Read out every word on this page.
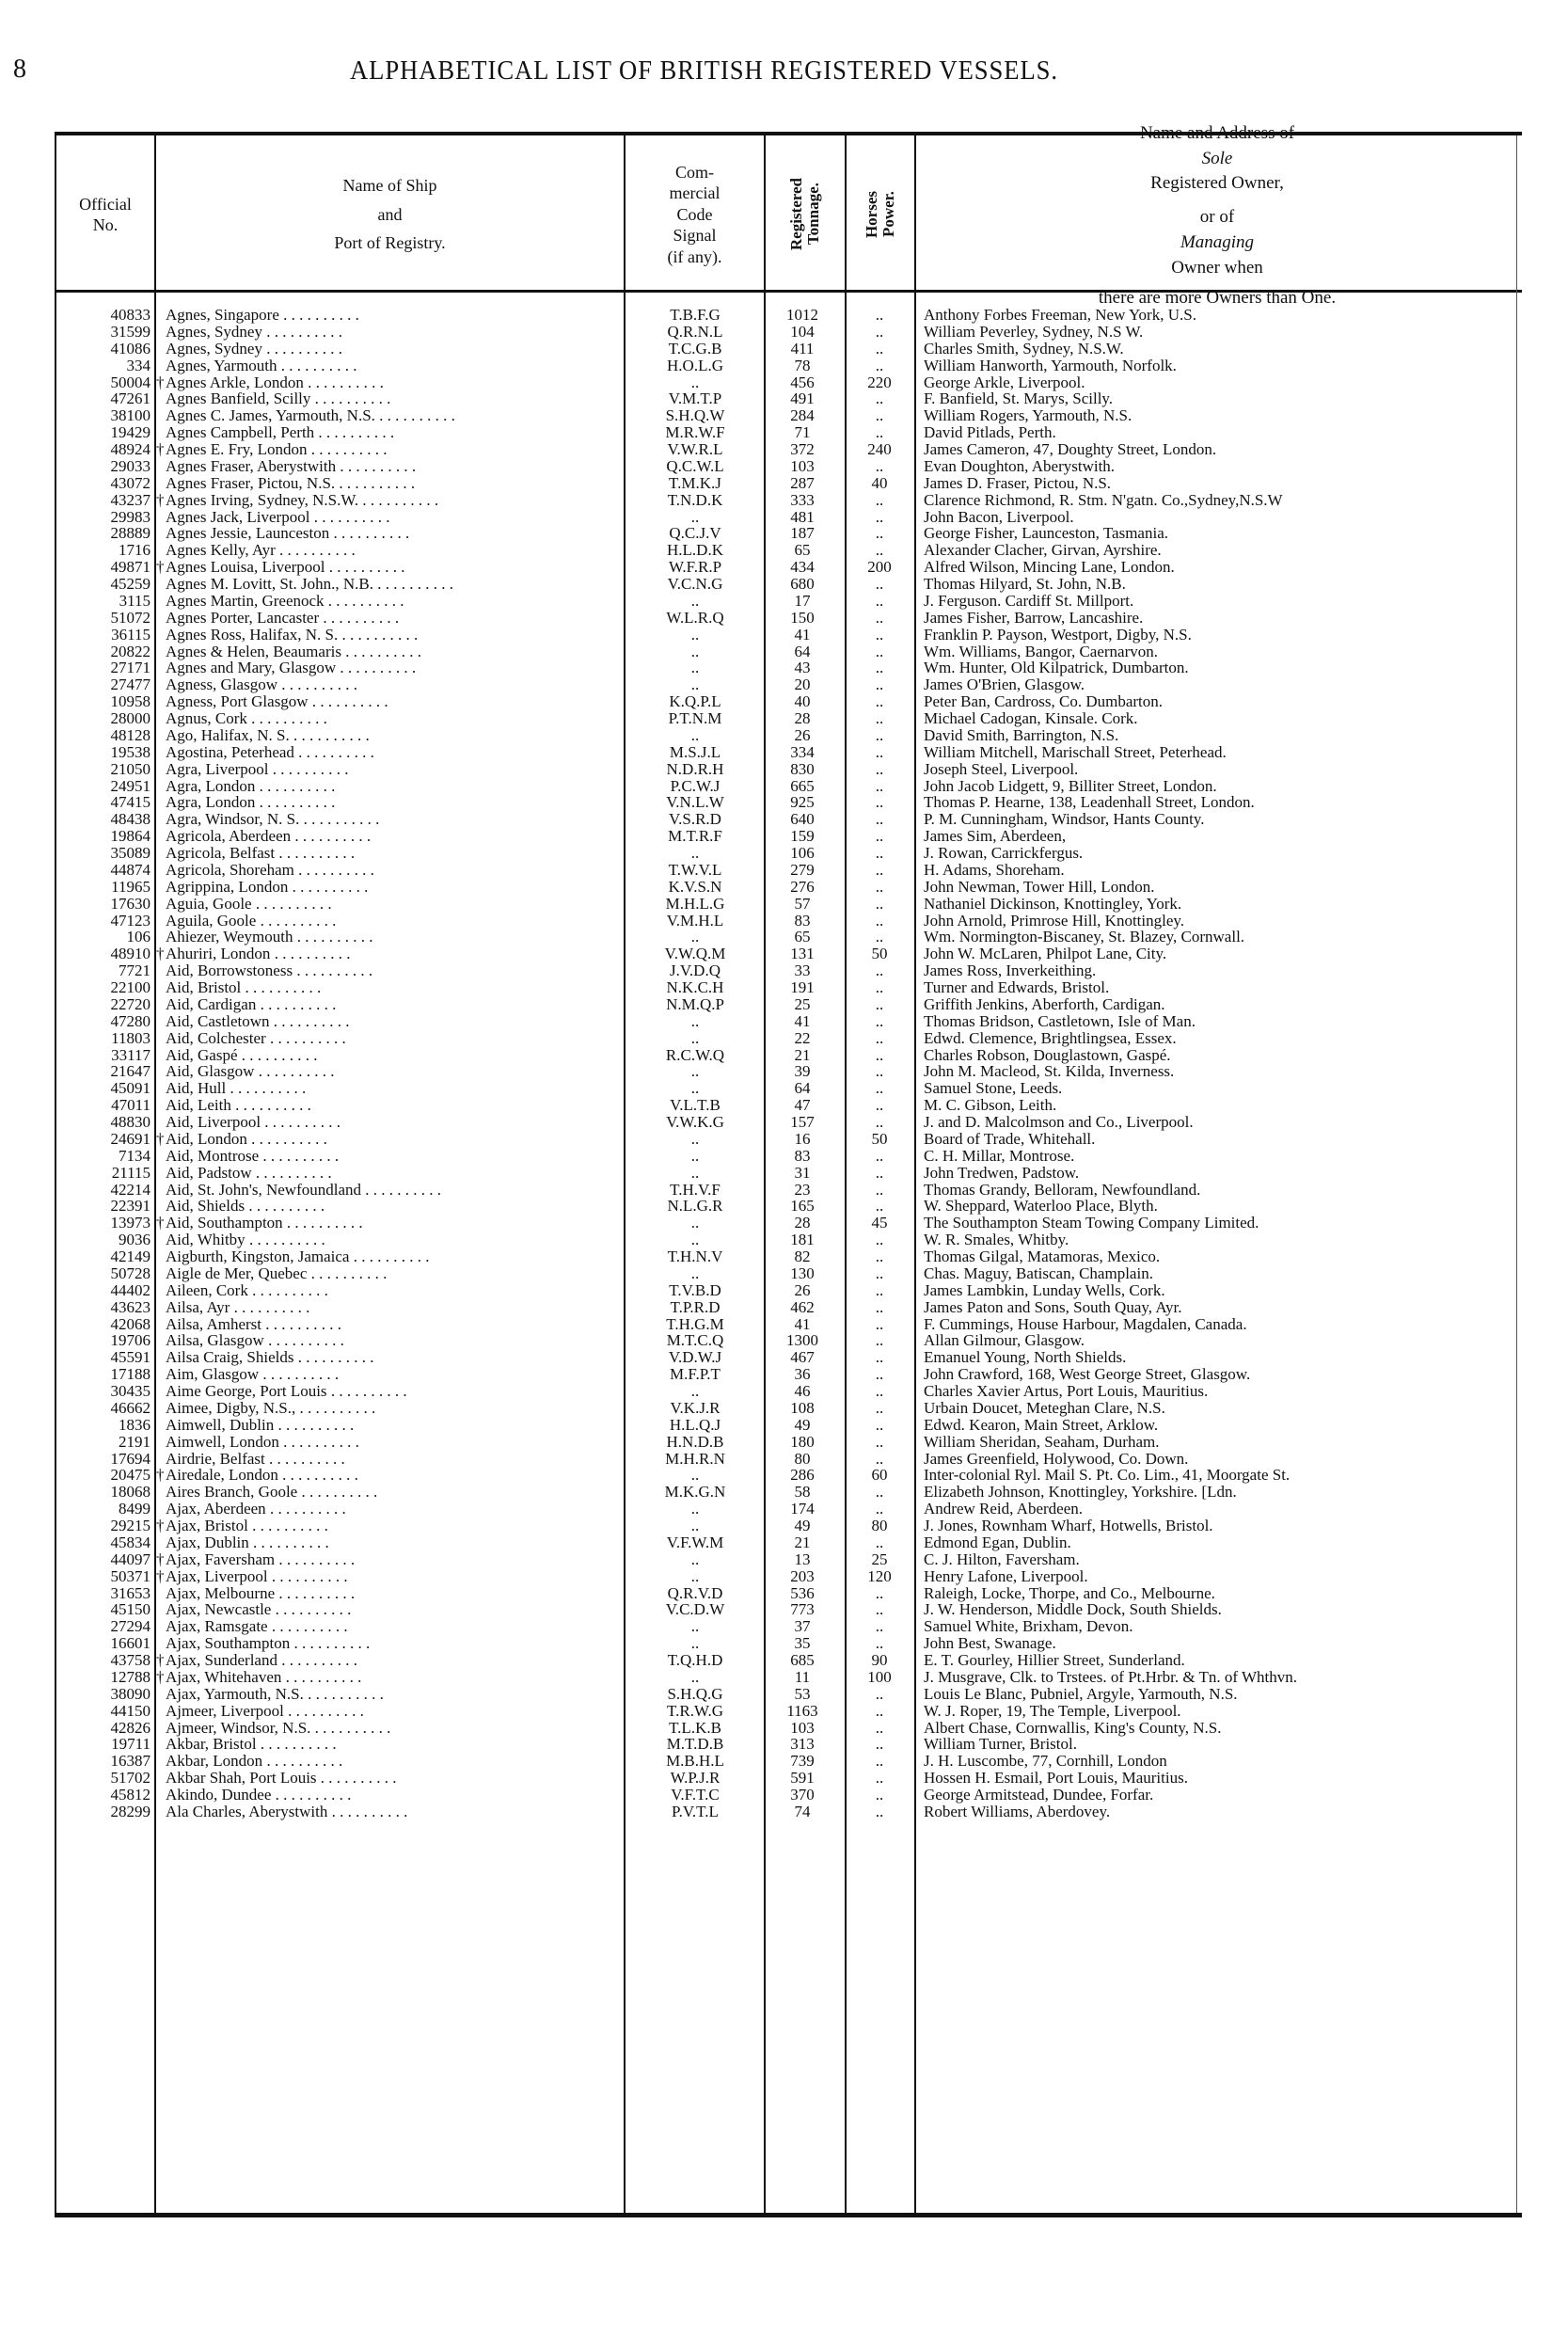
8	ALPHABETICAL LIST OF BRITISH REGISTERED VESSELS.
Official
No.
Name of Ship
and
Port of Registry.
Com-
mercial
Code
Signal
(if any).
Registered
Tonnage.	Horses
Power.
Name and Address of
Sole
Registered Owner,
or of
Managing
Owner when
there are more Owners than One.
40833 Agnes, Singapore . . . . . . . . . .	T.B.F.G	1012	..	Anthony Forbes Freeman, New York, U.S.
31599 Agnes, Sydney . . . . . . . . . .	Q.R.N.L	104	..	William Peverley, Sydney, N.S W.
41086 Agnes, Sydney . . . . . . . . . .	T.C.G.B	411	..	Charles Smith, Sydney, N.S.W.
334 Agnes, Yarmouth . . . . . . . . . .	H.O.L.G	78	..	William Hanworth, Yarmouth, Norfolk.
50004 † Agnes Arkle, London . . . . . . . . . .	..	456	220	George Arkle, Liverpool.
47261 Agnes Banfield, Scilly . . . . . . . . . .	V.M.T.P	491	..	F. Banfield, St. Marys, Scilly.
38100 Agnes C. James, Yarmouth, N.S. . . . . . . . . . .	S.H.Q.W	284	..	William Rogers, Yarmouth, N.S.
19429 Agnes Campbell, Perth . . . . . . . . . .	M.R.W.F	71	..	David Pitlads, Perth.
48924 † Agnes E. Fry, London . . . . . . . . . .	V.W.R.L	372	240	James Cameron, 47, Doughty Street, London.
29033 Agnes Fraser, Aberystwith . . . . . . . . . .	Q.C.W.L	103	..	Evan Doughton, Aberystwith.
43072 Agnes Fraser, Pictou, N.S. . . . . . . . . . .	T.M.K.J	287	40	James D. Fraser, Pictou, N.S.
43237 † Agnes Irving, Sydney, N.S.W. . . . . . . . . . .	T.N.D.K	333	..	Clarence Richmond, R. Stm. N'gatn. Co.,Sydney,N.S.W
29983 Agnes Jack, Liverpool . . . . . . . . . .	..	481	..	John Bacon, Liverpool.
28889 Agnes Jessie, Launceston . . . . . . . . . .	Q.C.J.V	187	..	George Fisher, Launceston, Tasmania.
1716 Agnes Kelly, Ayr . . . . . . . . . .	H.L.D.K	65	..	Alexander Clacher, Girvan, Ayrshire.
49871 † Agnes Louisa, Liverpool . . . . . . . . . .	W.F.R.P	434	200	Alfred Wilson, Mincing Lane, London.
45259 Agnes M. Lovitt, St. John., N.B. . . . . . . . . . .	V.C.N.G	680	..	Thomas Hilyard, St. John, N.B.
3115 Agnes Martin, Greenock . . . . . . . . . .	..	17	..	J. Ferguson. Cardiff St. Millport.
51072 Agnes Porter, Lancaster . . . . . . . . . .	W.L.R.Q	150	..	James Fisher, Barrow, Lancashire.
36115 Agnes Ross, Halifax, N. S. . . . . . . . . . .	..	41	..	Franklin P. Payson, Westport, Digby, N.S.
20822 Agnes & Helen, Beaumaris . . . . . . . . . .	..	64	..	Wm. Williams, Bangor, Caernarvon.
27171 Agnes and Mary, Glasgow . . . . . . . . . .	..	43	..	Wm. Hunter, Old Kilpatrick, Dumbarton.
27477 Agness, Glasgow . . . . . . . . . .	..	20	..	James O'Brien, Glasgow.
10958 Agness, Port Glasgow . . . . . . . . . .	K.Q.P.L	40	..	Peter Ban, Cardross, Co. Dumbarton.
28000 Agnus, Cork . . . . . . . . . .	P.T.N.M	28	..	Michael Cadogan, Kinsale. Cork.
48128 Ago, Halifax, N. S. . . . . . . . . . .	..	26	..	David Smith, Barrington, N.S.
19538 Agostina, Peterhead . . . . . . . . . .	M.S.J.L	334	..	William Mitchell, Marischall Street, Peterhead.
21050 Agra, Liverpool . . . . . . . . . .	N.D.R.H	830	..	Joseph Steel, Liverpool.
24951 Agra, London . . . . . . . . . .	P.C.W.J	665	..	John Jacob Lidgett, 9, Billiter Street, London.
47415 Agra, London . . . . . . . . . .	V.N.L.W	925	..	Thomas P. Hearne, 138, Leadenhall Street, London.
48438 Agra, Windsor, N. S. . . . . . . . . . .	V.S.R.D	640	..	P. M. Cunningham, Windsor, Hants County.
19864 Agricola, Aberdeen . . . . . . . . . .	M.T.R.F	159	..	James Sim, Aberdeen,
35089 Agricola, Belfast . . . . . . . . . .	..	106	..	J. Rowan, Carrickfergus.
44874 Agricola, Shoreham . . . . . . . . . .	T.W.V.L	279	..	H. Adams, Shoreham.
11965 Agrippina, London . . . . . . . . . .	K.V.S.N	276	..	John Newman, Tower Hill, London.
17630 Aguia, Goole . . . . . . . . . .	M.H.L.G	57	..	Nathaniel Dickinson, Knottingley, York.
47123 Aguila, Goole . . . . . . . . . .	V.M.H.L	83	..	John Arnold, Primrose Hill, Knottingley.
106 Ahiezer, Weymouth . . . . . . . . . .	..	65	..	Wm. Normington-Biscaney, St. Blazey, Cornwall.
48910 † Ahuriri, London . . . . . . . . . .	V.W.Q.M	131	50	John W. McLaren, Philpot Lane, City.
7721 Aid, Borrowstoness . . . . . . . . . .	J.V.D.Q	33	..	James Ross, Inverkeithing.
22100 Aid, Bristol . . . . . . . . . .	N.K.C.H	191	..	Turner and Edwards, Bristol.
22720 Aid, Cardigan . . . . . . . . . .	N.M.Q.P	25	..	Griffith Jenkins, Aberforth, Cardigan.
47280 Aid, Castletown . . . . . . . . . .	..	41	..	Thomas Bridson, Castletown, Isle of Man.
11803 Aid, Colchester . . . . . . . . . .	..	22	..	Edwd. Clemence, Brightlingsea, Essex.
33117 Aid, Gaspé . . . . . . . . . .	R.C.W.Q	21	..	Charles Robson, Douglastown, Gaspé.
21647 Aid, Glasgow . . . . . . . . . .	..	39	..	John M. Macleod, St. Kilda, Inverness.
45091 Aid, Hull . . . . . . . . . .	..	64	..	Samuel Stone, Leeds.
47011 Aid, Leith . . . . . . . . . .	V.L.T.B	47	..	M. C. Gibson, Leith.
48830 Aid, Liverpool . . . . . . . . . .	V.W.K.G	157	..	J. and D. Malcolmson and Co., Liverpool.
24691 † Aid, London . . . . . . . . . .	..	16	50	Board of Trade, Whitehall.
7134 Aid, Montrose . . . . . . . . . .	..	83	..	C. H. Millar, Montrose.
21115 Aid, Padstow . . . . . . . . . .	..	31	..	John Tredwen, Padstow.
42214 Aid, St. John's, Newfoundland . . . . . . . . . .	T.H.V.F	23	..	Thomas Grandy, Belloram, Newfoundland.
22391 Aid, Shields . . . . . . . . . .	N.L.G.R	165	..	W. Sheppard, Waterloo Place, Blyth.
13973 † Aid, Southampton . . . . . . . . . .	..	28	45	The Southampton Steam Towing Company Limited.
9036 Aid, Whitby . . . . . . . . . .	..	181	..	W. R. Smales, Whitby.
42149 Aigburth, Kingston, Jamaica . . . . . . . . . .	T.H.N.V	82	..	Thomas Gilgal, Matamoras, Mexico.
50728 Aigle de Mer, Quebec . . . . . . . . . .	..	130	..	Chas. Maguy, Batiscan, Champlain.
44402 Aileen, Cork . . . . . . . . . .	T.V.B.D	26	..	James Lambkin, Lunday Wells, Cork.
43623 Ailsa, Ayr . . . . . . . . . .	T.P.R.D	462	..	James Paton and Sons, South Quay, Ayr.
42068 Ailsa, Amherst . . . . . . . . . .	T.H.G.M	41	..	F. Cummings, House Harbour, Magdalen, Canada.
19706 Ailsa, Glasgow . . . . . . . . . .	M.T.C.Q	1300	..	Allan Gilmour, Glasgow.
45591 Ailsa Craig, Shields . . . . . . . . . .	V.D.W.J	467	..	Emanuel Young, North Shields.
17188 Aim, Glasgow . . . . . . . . . .	M.F.P.T	36	..	John Crawford, 168, West George Street, Glasgow.
30435 Aime George, Port Louis . . . . . . . . . .	..	46	..	Charles Xavier Artus, Port Louis, Mauritius.
46662 Aimee, Digby, N.S., . . . . . . . . . .	V.K.J.R	108	..	Urbain Doucet, Meteghan Clare, N.S.
1836 Aimwell, Dublin . . . . . . . . . .	H.L.Q.J	49	..	Edwd. Kearon, Main Street, Arklow.
2191 Aimwell, London . . . . . . . . . .	H.N.D.B	180	..	William Sheridan, Seaham, Durham.
17694 Airdrie, Belfast . . . . . . . . . .	M.H.R.N	80	..	James Greenfield, Holywood, Co. Down.
20475 † Airedale, London . . . . . . . . . .	..	286	60	Inter-colonial Ryl. Mail S. Pt. Co. Lim., 41, Moorgate St.
18068 Aires Branch, Goole . . . . . . . . . .	M.K.G.N	58	..	Elizabeth Johnson, Knottingley, Yorkshire. [Ldn.
8499 Ajax, Aberdeen . . . . . . . . . .	..	174	..	Andrew Reid, Aberdeen.
29215 † Ajax, Bristol . . . . . . . . . .	..	49	80	J. Jones, Rownham Wharf, Hotwells, Bristol.
45834 Ajax, Dublin . . . . . . . . . .	V.F.W.M	21	..	Edmond Egan, Dublin.
44097 † Ajax, Faversham . . . . . . . . . .	..	13	25	C. J. Hilton, Faversham.
50371 † Ajax, Liverpool . . . . . . . . . .	..	203	120	Henry Lafone, Liverpool.
31653 Ajax, Melbourne . . . . . . . . . .	Q.R.V.D	536	..	Raleigh, Locke, Thorpe, and Co., Melbourne.
45150 Ajax, Newcastle . . . . . . . . . .	V.C.D.W	773	..	J. W. Henderson, Middle Dock, South Shields.
27294 Ajax, Ramsgate . . . . . . . . . .	..	37	..	Samuel White, Brixham, Devon.
16601 Ajax, Southampton . . . . . . . . . .	..	35	..	John Best, Swanage.
43758 † Ajax, Sunderland . . . . . . . . . .	T.Q.H.D	685	90	E. T. Gourley, Hillier Street, Sunderland.
12788 † Ajax, Whitehaven . . . . . . . . . .	..	11	100	J. Musgrave, Clk. to Trstees. of Pt.Hrbr. & Tn. of Whthvn.
38090 Ajax, Yarmouth, N.S. . . . . . . . . . .	S.H.Q.G	53	..	Louis Le Blanc, Pubniel, Argyle, Yarmouth, N.S.
44150 Ajmeer, Liverpool . . . . . . . . . .	T.R.W.G	1163	..	W. J. Roper, 19, The Temple, Liverpool.
42826 Ajmeer, Windsor, N.S. . . . . . . . . . .	T.L.K.B	103	..	Albert Chase, Cornwallis, King's County, N.S.
19711 Akbar, Bristol . . . . . . . . . .	M.T.D.B	313	..	William Turner, Bristol.
16387 Akbar, London . . . . . . . . . .	M.B.H.L	739	..	J. H. Luscombe, 77, Cornhill, London
51702 Akbar Shah, Port Louis . . . . . . . . . .	W.P.J.R	591	..	Hossen H. Esmail, Port Louis, Mauritius.
45812 Akindo, Dundee . . . . . . . . . .	V.F.T.C	370	..	George Armitstead, Dundee, Forfar.
28299 Ala Charles, Aberystwith . . . . . . . . . .	P.V.T.L	74	..	Robert Williams, Aberdovey.
